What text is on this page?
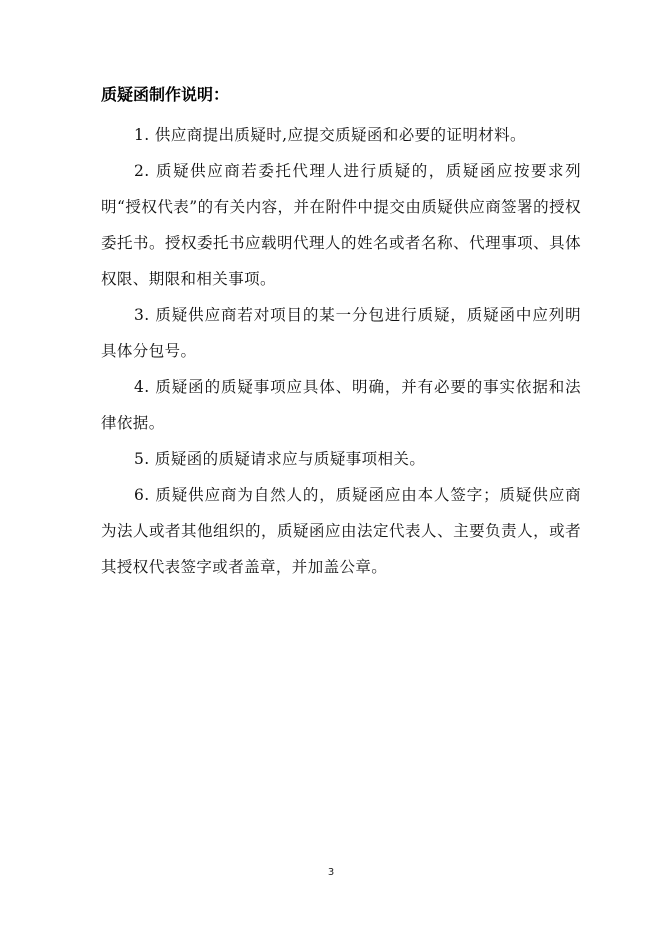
质疑函制作说明：

1. 供应商提出质疑时,应提交质疑函和必要的证明材料。

2. 质疑供应商若委托代理人进行质疑的，质疑函应按要求列明“授权代表”的有关内容，并在附件中提交由质疑供应商签署的授权委托书。授权委托书应载明代理人的姓名或者名称、代理事项、具体权限、期限和相关事项。

3. 质疑供应商若对项目的某一分包进行质疑，质疑函中应列明具体分包号。

4. 质疑函的质疑事项应具体、明确，并有必要的事实依据和法律依据。

5. 质疑函的质疑请求应与质疑事项相关。

6. 质疑供应商为自然人的，质疑函应由本人签字；质疑供应商为法人或者其他组织的，质疑函应由法定代表人、主要负责人，或者其授权代表签字或者盖章，并加盖公章。

3
